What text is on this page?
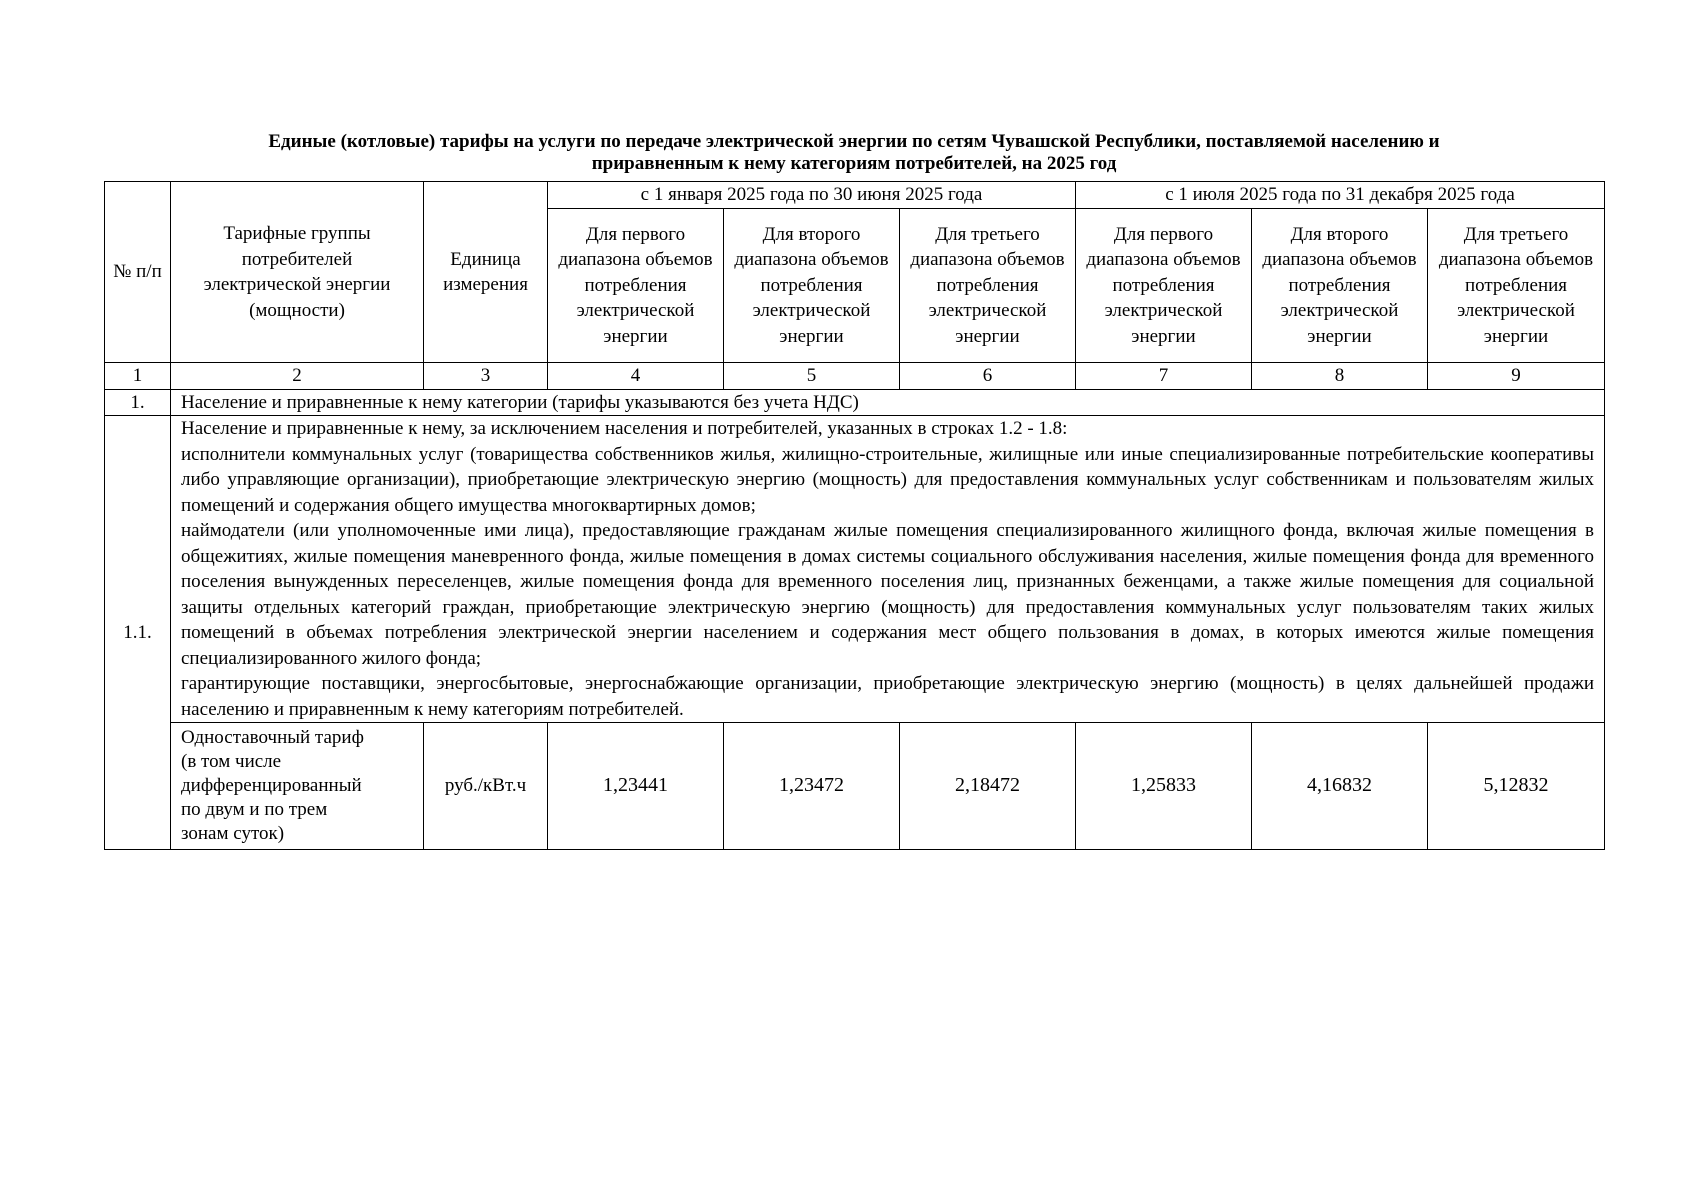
Единые (котловые) тарифы на услуги по передаче электрической энергии по сетям Чувашской Республики, поставляемой населению и
приравненным к нему категориям потребителей, на 2025 год
№ п/п	Тарифные группы потребителей электрической энергии (мощности)	Единица измерения	с 1 января 2025 года по 30 июня 2025 года			с 1 июля 2025 года по 31 декабря 2025 года		
			Для первого диапазона объемов потребления электрической энергии	Для второго диапазона объемов потребления электрической энергии	Для третьего диапазона объемов потребления электрической энергии	Для первого диапазона объемов потребления электрической энергии	Для второго диапазона объемов потребления электрической энергии	Для третьего диапазона объемов потребления электрической энергии
1	2	3	4	5	6	7	8	9
1.	Население и приравненные к нему категории (тарифы указываются без учета НДС)							
1.1.	Население и приравненные к нему, за исключением населения и потребителей, указанных в строках 1.2 - 1.8:
исполнители коммунальных услуг (товарищества собственников жилья, жилищно-строительные, жилищные или иные специализированные потребительские кооперативы либо управляющие организации), приобретающие электрическую энергию (мощность) для предоставления коммунальных услуг собственникам и пользователям жилых помещений и содержания общего имущества многоквартирных домов;
наймодатели (или уполномоченные ими лица), предоставляющие гражданам жилые помещения специализированного жилищного фонда, включая жилые помещения в общежитиях, жилые помещения маневренного фонда, жилые помещения в домах системы социального обслуживания населения, жилые помещения фонда для временного поселения вынужденных переселенцев, жилые помещения фонда для временного поселения лиц, признанных беженцами, а также жилые помещения для социальной защиты отдельных категорий граждан, приобретающие электрическую энергию (мощность) для предоставления коммунальных услуг пользователям таких жилых помещений в объемах потребления электрической энергии населением и содержания мест общего пользования в домах, в которых имеются жилые помещения специализированного жилого фонда;
гарантирующие поставщики, энергосбытовые, энергоснабжающие организации, приобретающие электрическую энергию (мощность) в целях дальнейшей продажи населению и приравненным к нему категориям потребителей.							

	Одноставочный тариф
(в том числе
дифференцированный
по двум и по трем
зонам суток)	руб./кВт.ч	1,23441	1,23472	2,18472	1,25833	4,16832	5,12832
